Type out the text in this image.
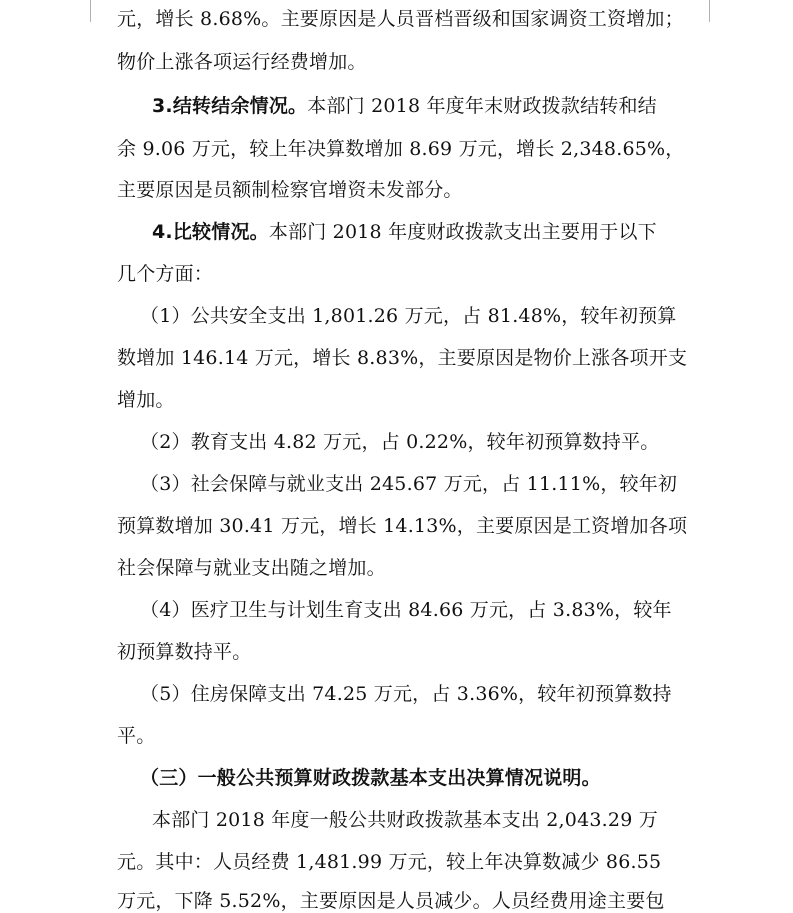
元，增长 8.68%。主要原因是人员晋档晋级和国家调资工资增加；
物价上涨各项运行经费增加。
3.结转结余情况。本部门 2018 年度年末财政拨款结转和结
余 9.06 万元，较上年决算数增加 8.69 万元，增长 2,348.65%，
主要原因是员额制检察官增资未发部分。
4.比较情况。本部门 2018 年度财政拨款支出主要用于以下
几个方面：
（1）公共安全支出 1,801.26 万元，占 81.48%，较年初预算
数增加 146.14 万元，增长 8.83%，主要原因是物价上涨各项开支
增加。
（2）教育支出 4.82 万元，占 0.22%，较年初预算数持平。
（3）社会保障与就业支出 245.67 万元，占 11.11%，较年初
预算数增加 30.41 万元，增长 14.13%，主要原因是工资增加各项
社会保障与就业支出随之增加。
（4）医疗卫生与计划生育支出 84.66 万元，占 3.83%，较年
初预算数持平。
（5）住房保障支出 74.25 万元，占 3.36%，较年初预算数持
平。
（三）一般公共预算财政拨款基本支出决算情况说明。
本部门 2018 年度一般公共财政拨款基本支出 2,043.29 万
元。其中：人员经费 1,481.99 万元，较上年决算数减少 86.55
万元，下降 5.52%，主要原因是人员减少。人员经费用途主要包
